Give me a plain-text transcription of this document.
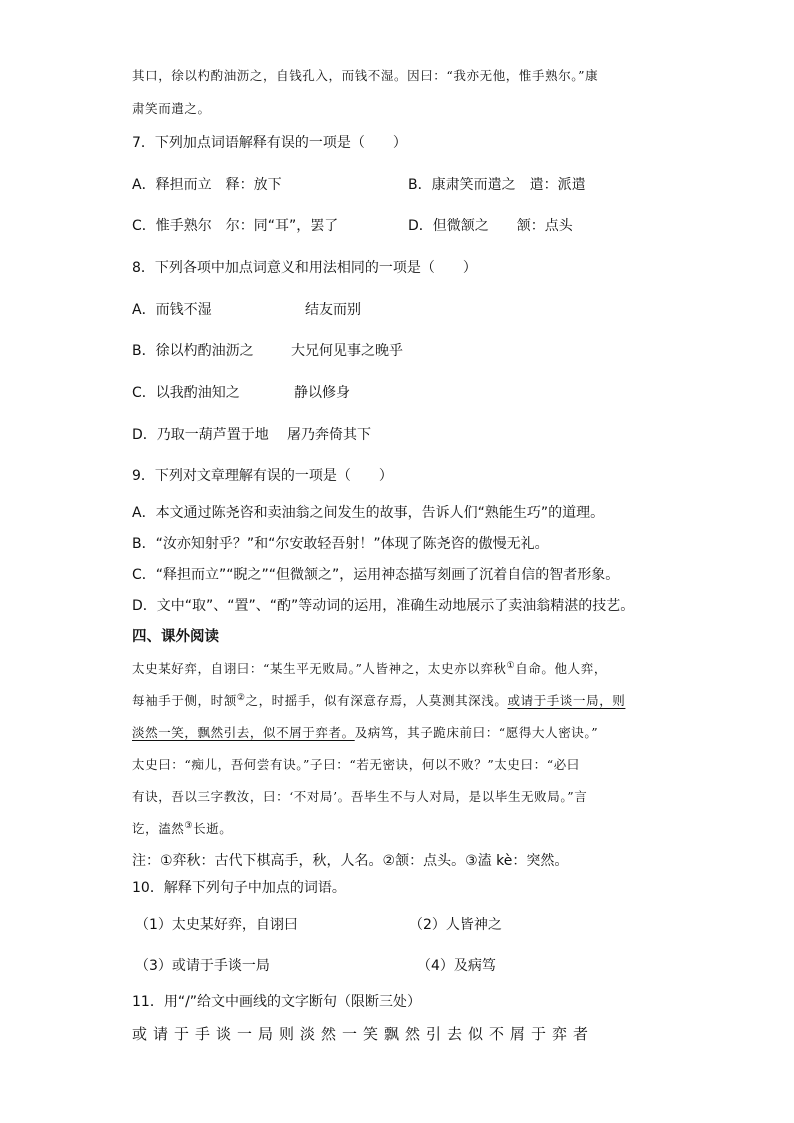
其口，徐以杓酌油沥之，自钱孔入，而钱不湿。因曰：“我亦无他，惟手熟尔。”康
肃笑而遣之。
7．下列加点词语解释有误的一项是（　　）
A．释担而立　释：放下	B．康肃笑而遣之　遣：派遣
C．惟手熟尔　尔：同“耳”，罢了	D．但微颔之　　颔：点头
8．下列各项中加点词意义和用法相同的一项是（　　）
A．而钱不湿	结友而别
B．徐以杓酌油沥之	大兄何见事之晚乎
C．以我酌油知之	静以修身
D．乃取一葫芦置于地 屠乃奔倚其下
9．下列对文章理解有误的一项是（　　）
A．本文通过陈尧咨和卖油翁之间发生的故事，告诉人们“熟能生巧”的道理。
B．“汝亦知射乎？”和“尔安敢轻吾射！”体现了陈尧咨的傲慢无礼。
C．“释担而立”“睨之”“但微颔之”，运用神态描写刻画了沉着自信的智者形象。
D．文中“取”、“置”、“酌”等动词的运用，准确生动地展示了卖油翁精湛的技艺。
四、课外阅读
太史某好弈，自诩曰：“某生平无败局。”人皆神之，太史亦以弈秋①自命。他人弈，
每袖手于侧，时颔②之，时摇手，似有深意存焉，人莫测其深浅。或请于手谈一局，则
淡然一笑，飘然引去，似不屑于弈者。及病笃，其子跪床前曰：“愿得大人密诀。”
太史曰：“痴儿，吾何尝有诀。”子曰：“若无密诀，何以不败？”太史曰：“必曰
有诀，吾以三字教汝，曰：‘不对局’。吾毕生不与人对局，是以毕生无败局。”言
讫，溘然③长逝。
注：①弈秋：古代下棋高手，秋，人名。②颔：点头。③溘 kè：突然。
10．解释下列句子中加点的词语。
（1）太史某好弈，自诩曰	（2）人皆神之
（3）或请于手谈一局	（4）及病笃
11．用“/”给文中画线的文字断句（限断三处）
或请于手谈一局则淡然一笑飘然引去似不屑于弈者
